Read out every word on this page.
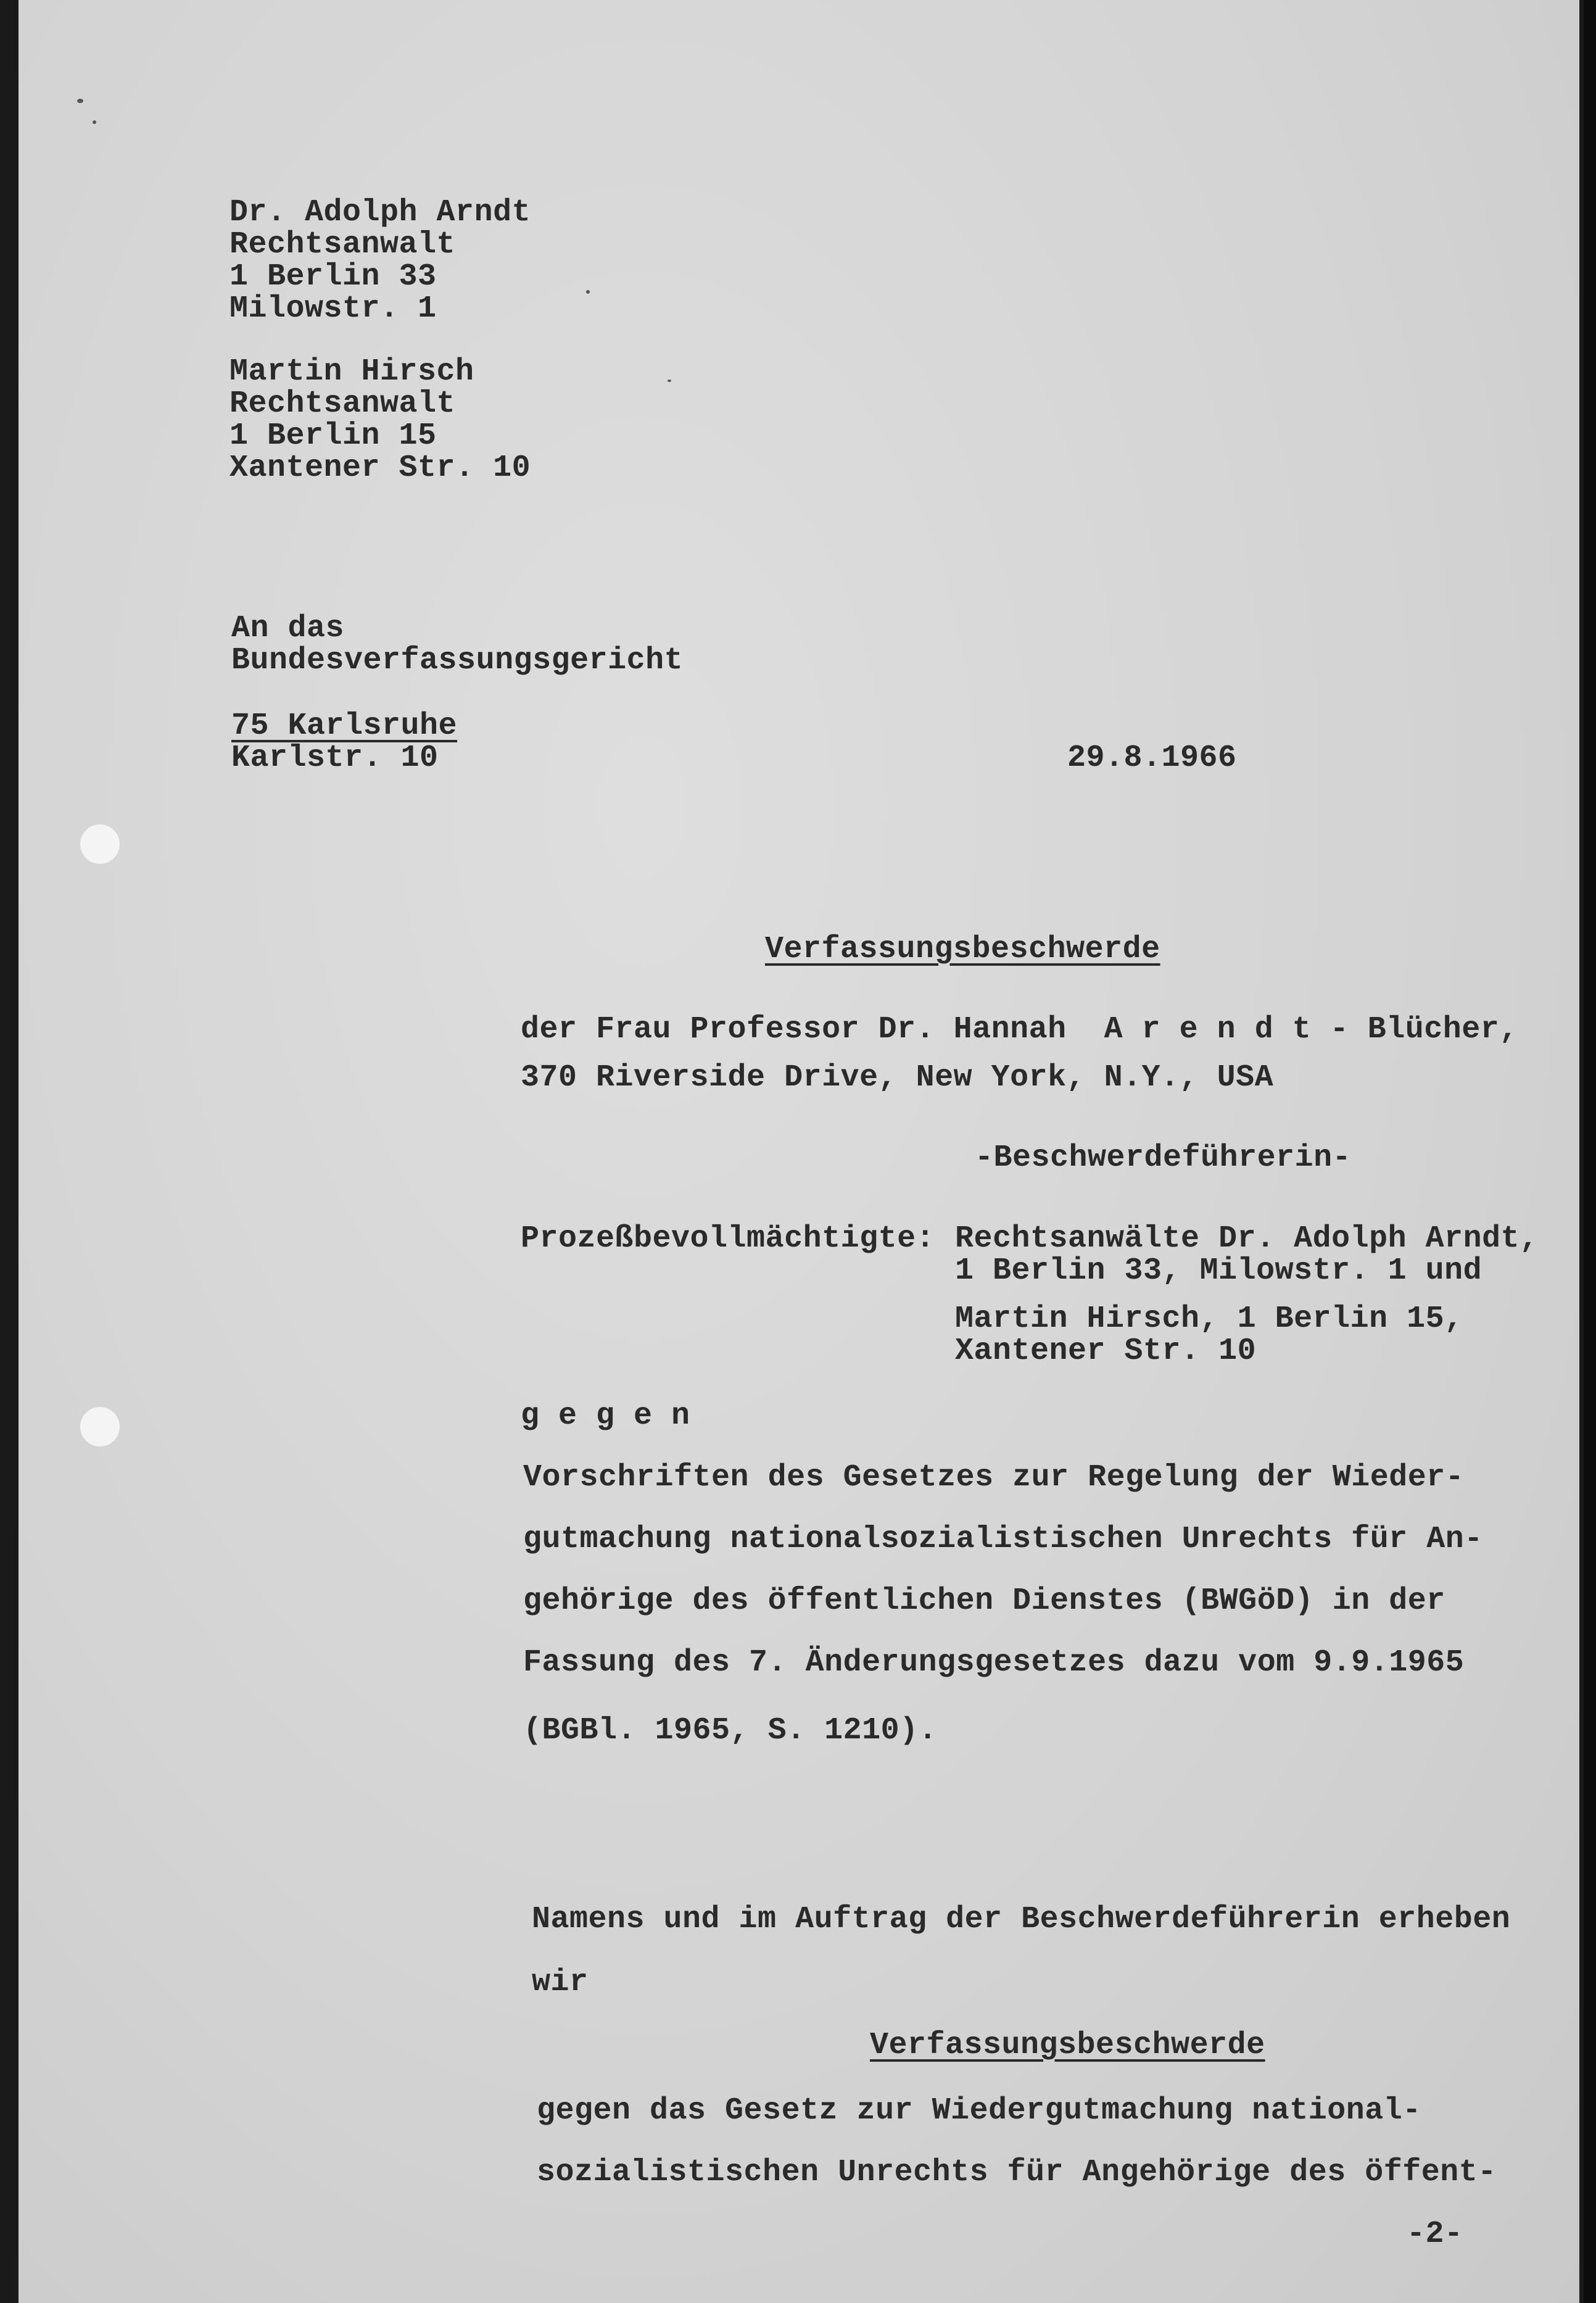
Dr. Adolph Arndt
Rechtsanwalt
1 Berlin 33
Milowstr. 1
Martin Hirsch
Rechtsanwalt
1 Berlin 15
Xantener Str. 10
An das
Bundesverfassungsgericht
75 Karlsruhe
Karlstr. 10	29.8.1966
Verfassungsbeschwerde
der Frau Professor Dr. Hannah  A r e n d t - Blücher,
370 Riverside Drive, New York, N.Y., USA
-Beschwerdeführerin-
Prozeßbevollmächtigte: Rechtsanwälte Dr. Adolph Arndt,
1 Berlin 33, Milowstr. 1 und
Martin Hirsch, 1 Berlin 15,
Xantener Str. 10
g e g e n
Vorschriften des Gesetzes zur Regelung der Wieder-
gutmachung nationalsozialistischen Unrechts für An-
gehörige des öffentlichen Dienstes (BWGöD) in der
Fassung des 7. Änderungsgesetzes dazu vom 9.9.1965
(BGBl. 1965, S. 1210).
Namens und im Auftrag der Beschwerdeführerin erheben
wir
Verfassungsbeschwerde
gegen das Gesetz zur Wiedergutmachung national-
sozialistischen Unrechts für Angehörige des öffent-
-2-
